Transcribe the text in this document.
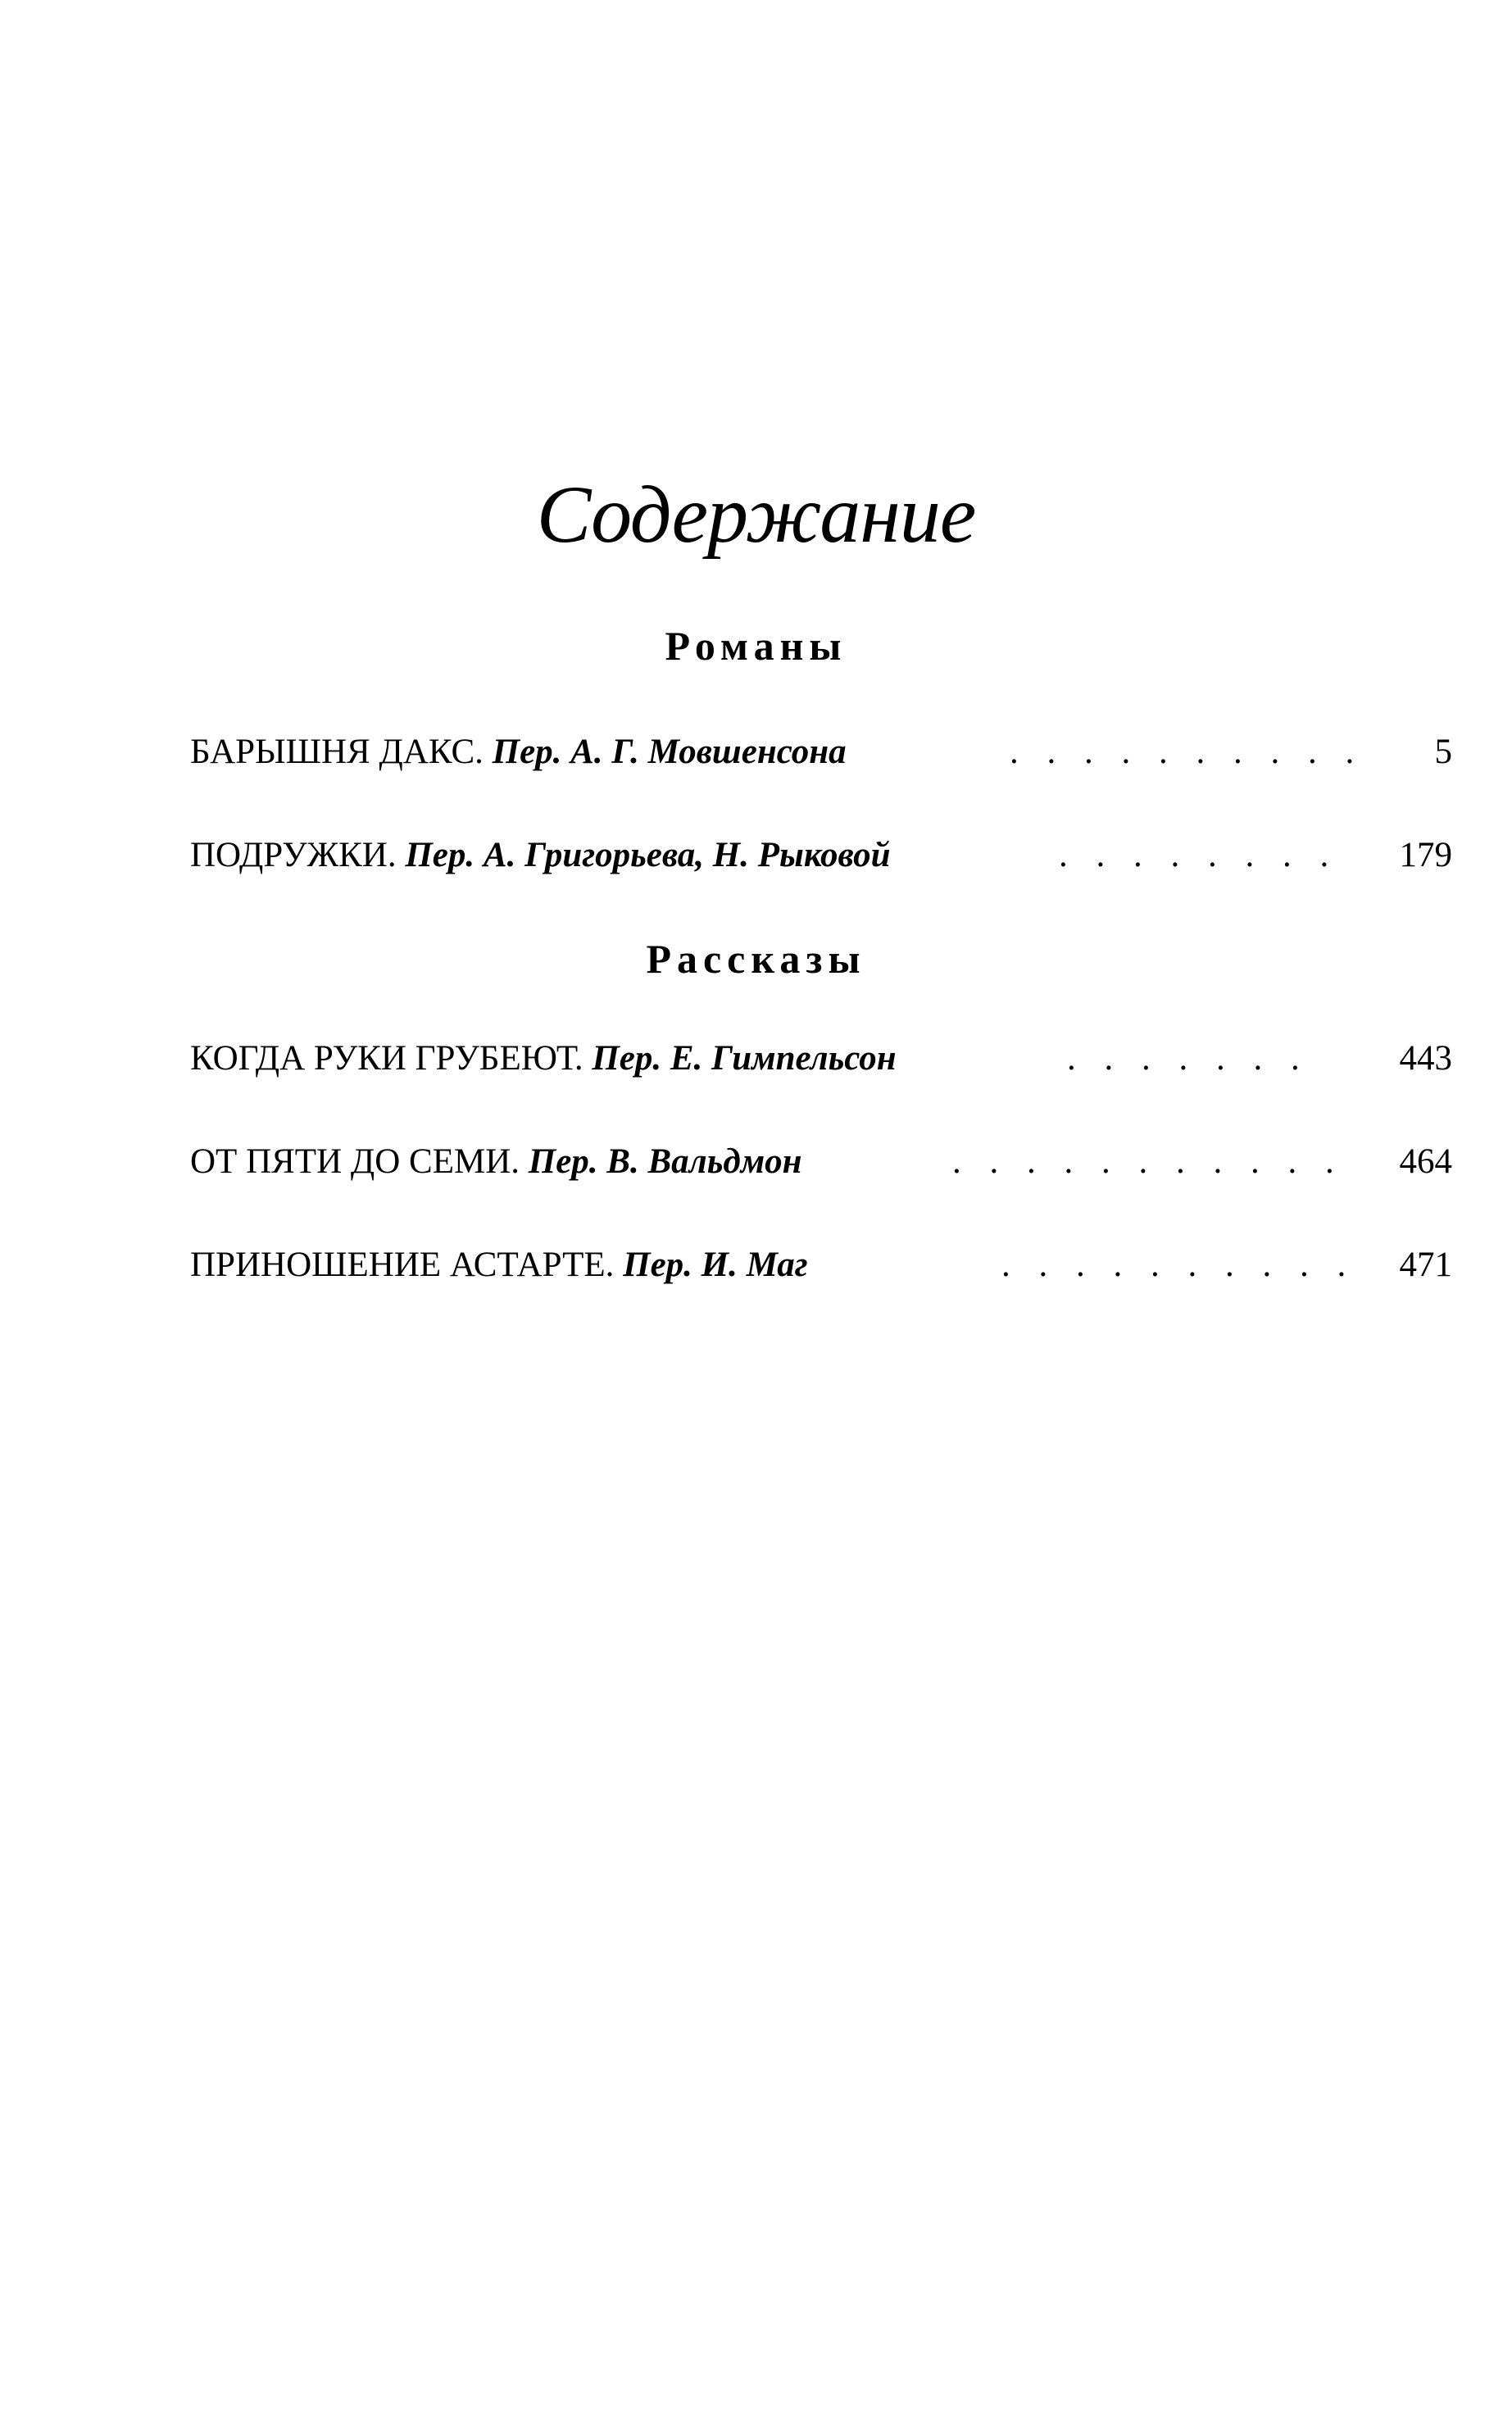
Содержание
Романы
БАРЫШНЯ ДАКС. Пер. А. Г. Мовшенсона	. . . . . . . . . . 5
ПОДРУЖКИ. Пер. А. Григорьева, Н. Рыковой	. . . . . . . . 179
Рассказы
КОГДА РУКИ ГРУБЕЮТ. Пер. Е. Гимпельсон	. . . . . . .	443
ОТ ПЯТИ ДО СЕМИ. Пер. В. Вальдмон	. . . . . . . . . . . 464
ПРИНОШЕНИЕ АСТАРТЕ. Пер. И. Маг	. . . . . . . . . . 471
